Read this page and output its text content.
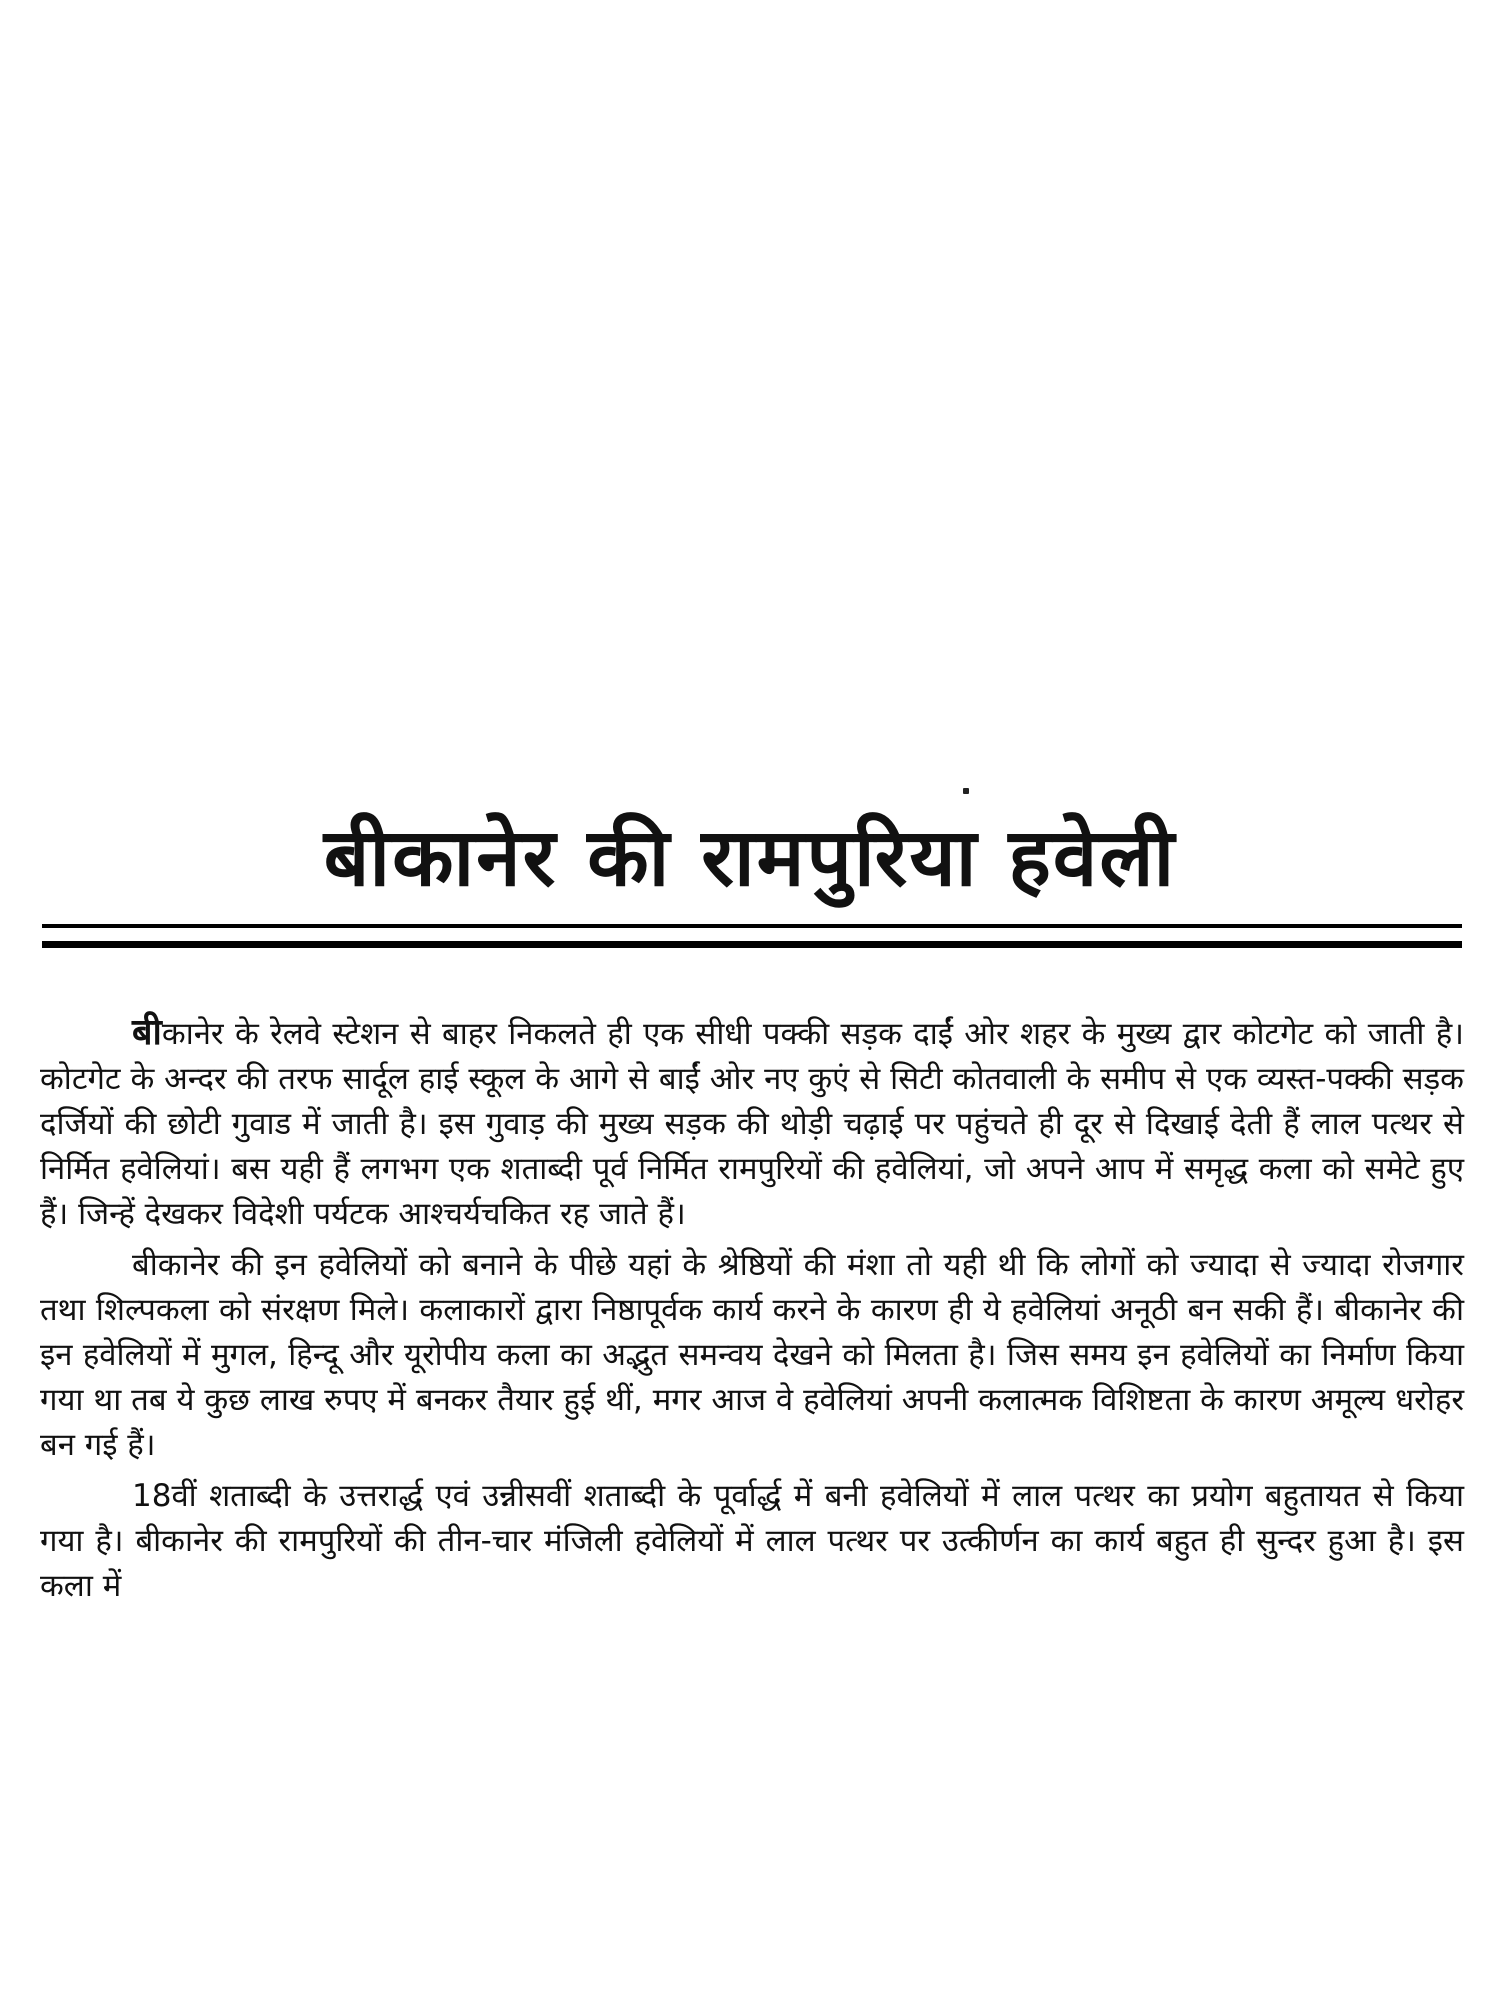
बीकानेर की रामपुरिया हवेली

बीकानेर के रेलवे स्टेशन से बाहर निकलते ही एक सीधी पक्की सड़क दाईं ओर शहर के मुख्य द्वार कोटगेट को जाती है। कोटगेट के अन्दर की तरफ सार्दूल हाई स्कूल के आगे से बाईं ओर नए कुएं से सिटी कोतवाली के समीप से एक व्यस्त-पक्की सड़क दर्जियों की छोटी गुवाड में जाती है। इस गुवाड़ की मुख्य सड़क की थोड़ी चढ़ाई पर पहुंचते ही दूर से दिखाई देती हैं लाल पत्थर से निर्मित हवेलियां। बस यही हैं लगभग एक शताब्दी पूर्व निर्मित रामपुरियों की हवेलियां, जो अपने आप में समृद्ध कला को समेटे हुए हैं। जिन्हें देखकर विदेशी पर्यटक आश्चर्यचकित रह जाते हैं।

बीकानेर की इन हवेलियों को बनाने के पीछे यहां के श्रेष्ठियों की मंशा तो यही थी कि लोगों को ज्यादा से ज्यादा रोजगार तथा शिल्पकला को संरक्षण मिले। कलाकारों द्वारा निष्ठापूर्वक कार्य करने के कारण ही ये हवेलियां अनूठी बन सकी हैं। बीकानेर की इन हवेलियों में मुगल, हिन्दू और यूरोपीय कला का अद्भुत समन्वय देखने को मिलता है। जिस समय इन हवेलियों का निर्माण किया गया था तब ये कुछ लाख रुपए में बनकर तैयार हुई थीं, मगर आज वे हवेलियां अपनी कलात्मक विशिष्टता के कारण अमूल्य धरोहर बन गई हैं।

18वीं शताब्दी के उत्तरार्द्ध एवं उन्नीसवीं शताब्दी के पूर्वार्द्ध में बनी हवेलियों में लाल पत्थर का प्रयोग बहुतायत से किया गया है। बीकानेर की रामपुरियों की तीन-चार मंजिली हवेलियों में लाल पत्थर पर उत्कीर्णन का कार्य बहुत ही सुन्दर हुआ है। इस कला में
